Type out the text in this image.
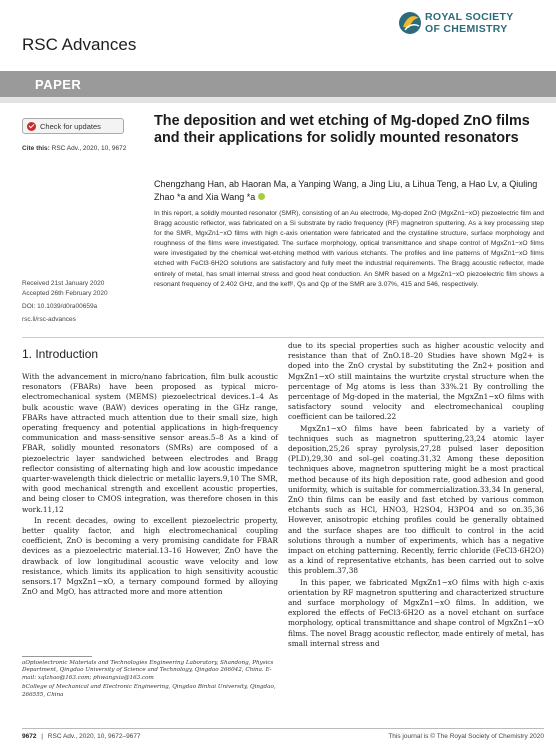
RSC Advances
ROYAL SOCIETY
OF CHEMISTRY
PAPER
Check for updates
Cite this: RSC Adv., 2020, 10, 9672
Received 21st January 2020
Accepted 26th February 2020
DOI: 10.1039/d0ra00659a
rsc.li/rsc-advances
The deposition and wet etching of Mg-doped ZnO films and their applications for solidly mounted resonators
Chengzhang Han, ab Haoran Ma, a Yanping Wang, a Jing Liu, a Lihua Teng, a Hao Lv, a Qiuling Zhao *a and Xia Wang *a
In this report, a solidly mounted resonator (SMR), consisting of an Au electrode, Mg-doped ZnO (MgxZn1−xO) piezoelectric film and Bragg acoustic reflector, was fabricated on a Si substrate by radio frequency (RF) magnetron sputtering. As a key processing step for the SMR, MgxZn1−xO films with high c-axis orientation were fabricated and the crystalline structure, surface morphology and roughness of the films were investigated. The surface morphology, optical transmittance and shape control of MgxZn1−xO films were investigated by the chemical wet-etching method with various etchants. The profiles and line patterns of MgxZn1−xO films etched with FeCl3·6H2O solutions are satisfactory and fully meet the industrial requirements. The Bragg acoustic reflector, made entirely of metal, has small internal stress and good heat conduction. An SMR based on a MgxZn1−xO piezoelectric film shows a resonant frequency of 2.402 GHz, and the keff², Qs and Qp of the SMR are 3.07%, 415 and 546, respectively.
1. Introduction

With the advancement in micro/nano fabrication, film bulk acoustic resonators (FBARs) have been proposed as typical micro-electromechanical system (MEMS) piezoelectrical devices.1–4 As bulk acoustic wave (BAW) devices operating in the GHz range, FBARs have attracted much attention due to their small size, high operating frequency and potential applications in high-frequency communication and mass-sensitive sensor areas.5–8 As a kind of FBAR, solidly mounted resonators (SMRs) are composed of a piezoelectric layer sandwiched between electrodes and Bragg reflector consisting of alternating high and low acoustic impedance quarter-wavelength thick dielectric or metallic layers.9,10 The SMR, with good mechanical strength and excellent acoustic properties, and being closer to CMOS integration, was therefore chosen in this work.11,12

In recent decades, owing to excellent piezoelectric property, better quality factor, and high electromechanical coupling coefficient, ZnO is becoming a very promising candidate for FBAR devices as a piezoelectric material.13–16 However, ZnO have the drawback of low longitudinal acoustic wave velocity and low resistance, which limits its application to high sensitivity acoustic sensors.17 MgxZn1−xO, a ternary compound formed by alloying ZnO and MgO, has attracted more and more attention

due to its special properties such as higher acoustic velocity and resistance than that of ZnO.18–20 Studies have shown Mg2+ is doped into the ZnO crystal by substituting the Zn2+ position and MgxZn1−xO still maintains the wurtzite crystal structure when the percentage of Mg atoms is less than 33%.21 By controlling the percentage of Mg-doped in the material, the MgxZn1−xO films with satisfactory sound velocity and electromechanical coupling coefficient can be tailored.22

MgxZn1−xO films have been fabricated by a variety of techniques such as magnetron sputtering,23,24 atomic layer deposition,25,26 spray pyrolysis,27,28 pulsed laser deposition (PLD),29,30 and sol–gel coating.31,32 Among these deposition techniques above, magnetron sputtering might be a most practical method because of its high deposition rate, good adhesion and good uniformity, which is suitable for commercialization.33,34 In general, ZnO thin films can be easily and fast etched by various common etchants such as HCl, HNO3, H2SO4, H3PO4 and so on.35,36 However, anisotropic etching profiles could be generally obtained and the surface shapes are too difficult to control in the acid solutions through a number of experiments, which has a negative impact on etching patterning. Recently, ferric chloride (FeCl3·6H2O) as a kind of representative etchants, has been carried out to solve this problem.37,38

In this paper, we fabricated MgxZn1−xO films with high c-axis orientation by RF magnetron sputtering and characterized structure and surface morphology of MgxZn1−xO films. In addition, we explored the effects of FeCl3·6H2O as a novel etchant on surface morphology, optical transmittance and shape control of MgxZn1−xO films. The novel Bragg acoustic reflector, made entirely of metal, has small internal stress and

aOptoelectronic Materials and Technologies Engineering Laboratory, Shandong, Physics Department, Qingdao University of Science and Technology, Qingdao 266042, China. E-mail: xqlzhao@163.com; phwangxia@163.com
bCollege of Mechanical and Electronic Engineering, Qingdao Binhai University, Qingdao, 266555, China
9672 | RSC Adv., 2020, 10, 9672–9677	This journal is © The Royal Society of Chemistry 2020
